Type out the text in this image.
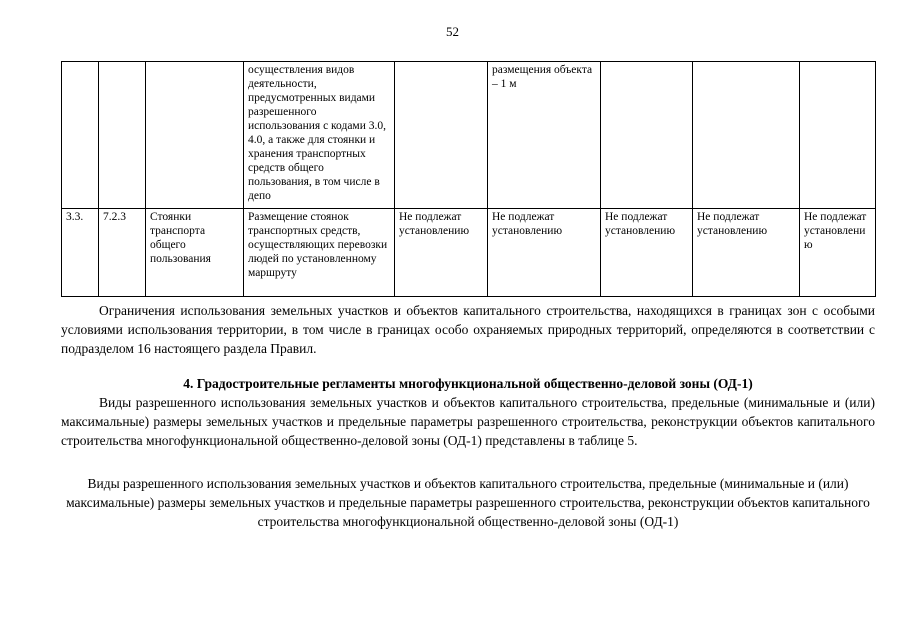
52
			осуществления видов деятельности, предусмотренных видами разрешенного использования с кодами 3.0, 4.0, а также для стоянки и хранения транспортных средств общего пользования, в том числе в депо		размещения объекта – 1 м			
3.3.	7.2.3	Стоянки транспорта общего пользования	Размещение стоянок транспортных средств, осуществляющих перевозки людей по установленному маршруту	Не подлежат установлению	Не подлежат установлению	Не подлежат установлению	Не подлежат установлению	Не подлежат установлению

Ограничения использования земельных участков и объектов капитального строительства, находящихся в границах зон с особыми условиями использования территории, в том числе в границах особо охраняемых природных территорий, определяются в соответствии с подразделом 16 настоящего раздела Правил.

4. Градостроительные регламенты многофункциональной общественно-деловой зоны (ОД-1)

Виды разрешенного использования земельных участков и объектов капитального строительства, предельные (минимальные и (или) максимальные) размеры земельных участков и предельные параметры разрешенного строительства, реконструкции объектов капитального строительства многофункциональной общественно-деловой зоны (ОД-1) представлены в таблице 5.

Виды разрешенного использования земельных участков и объектов капитального строительства, предельные (минимальные и (или) максимальные) размеры земельных участков и предельные параметры разрешенного строительства, реконструкции объектов капитального строительства многофункциональной общественно-деловой зоны (ОД-1)
